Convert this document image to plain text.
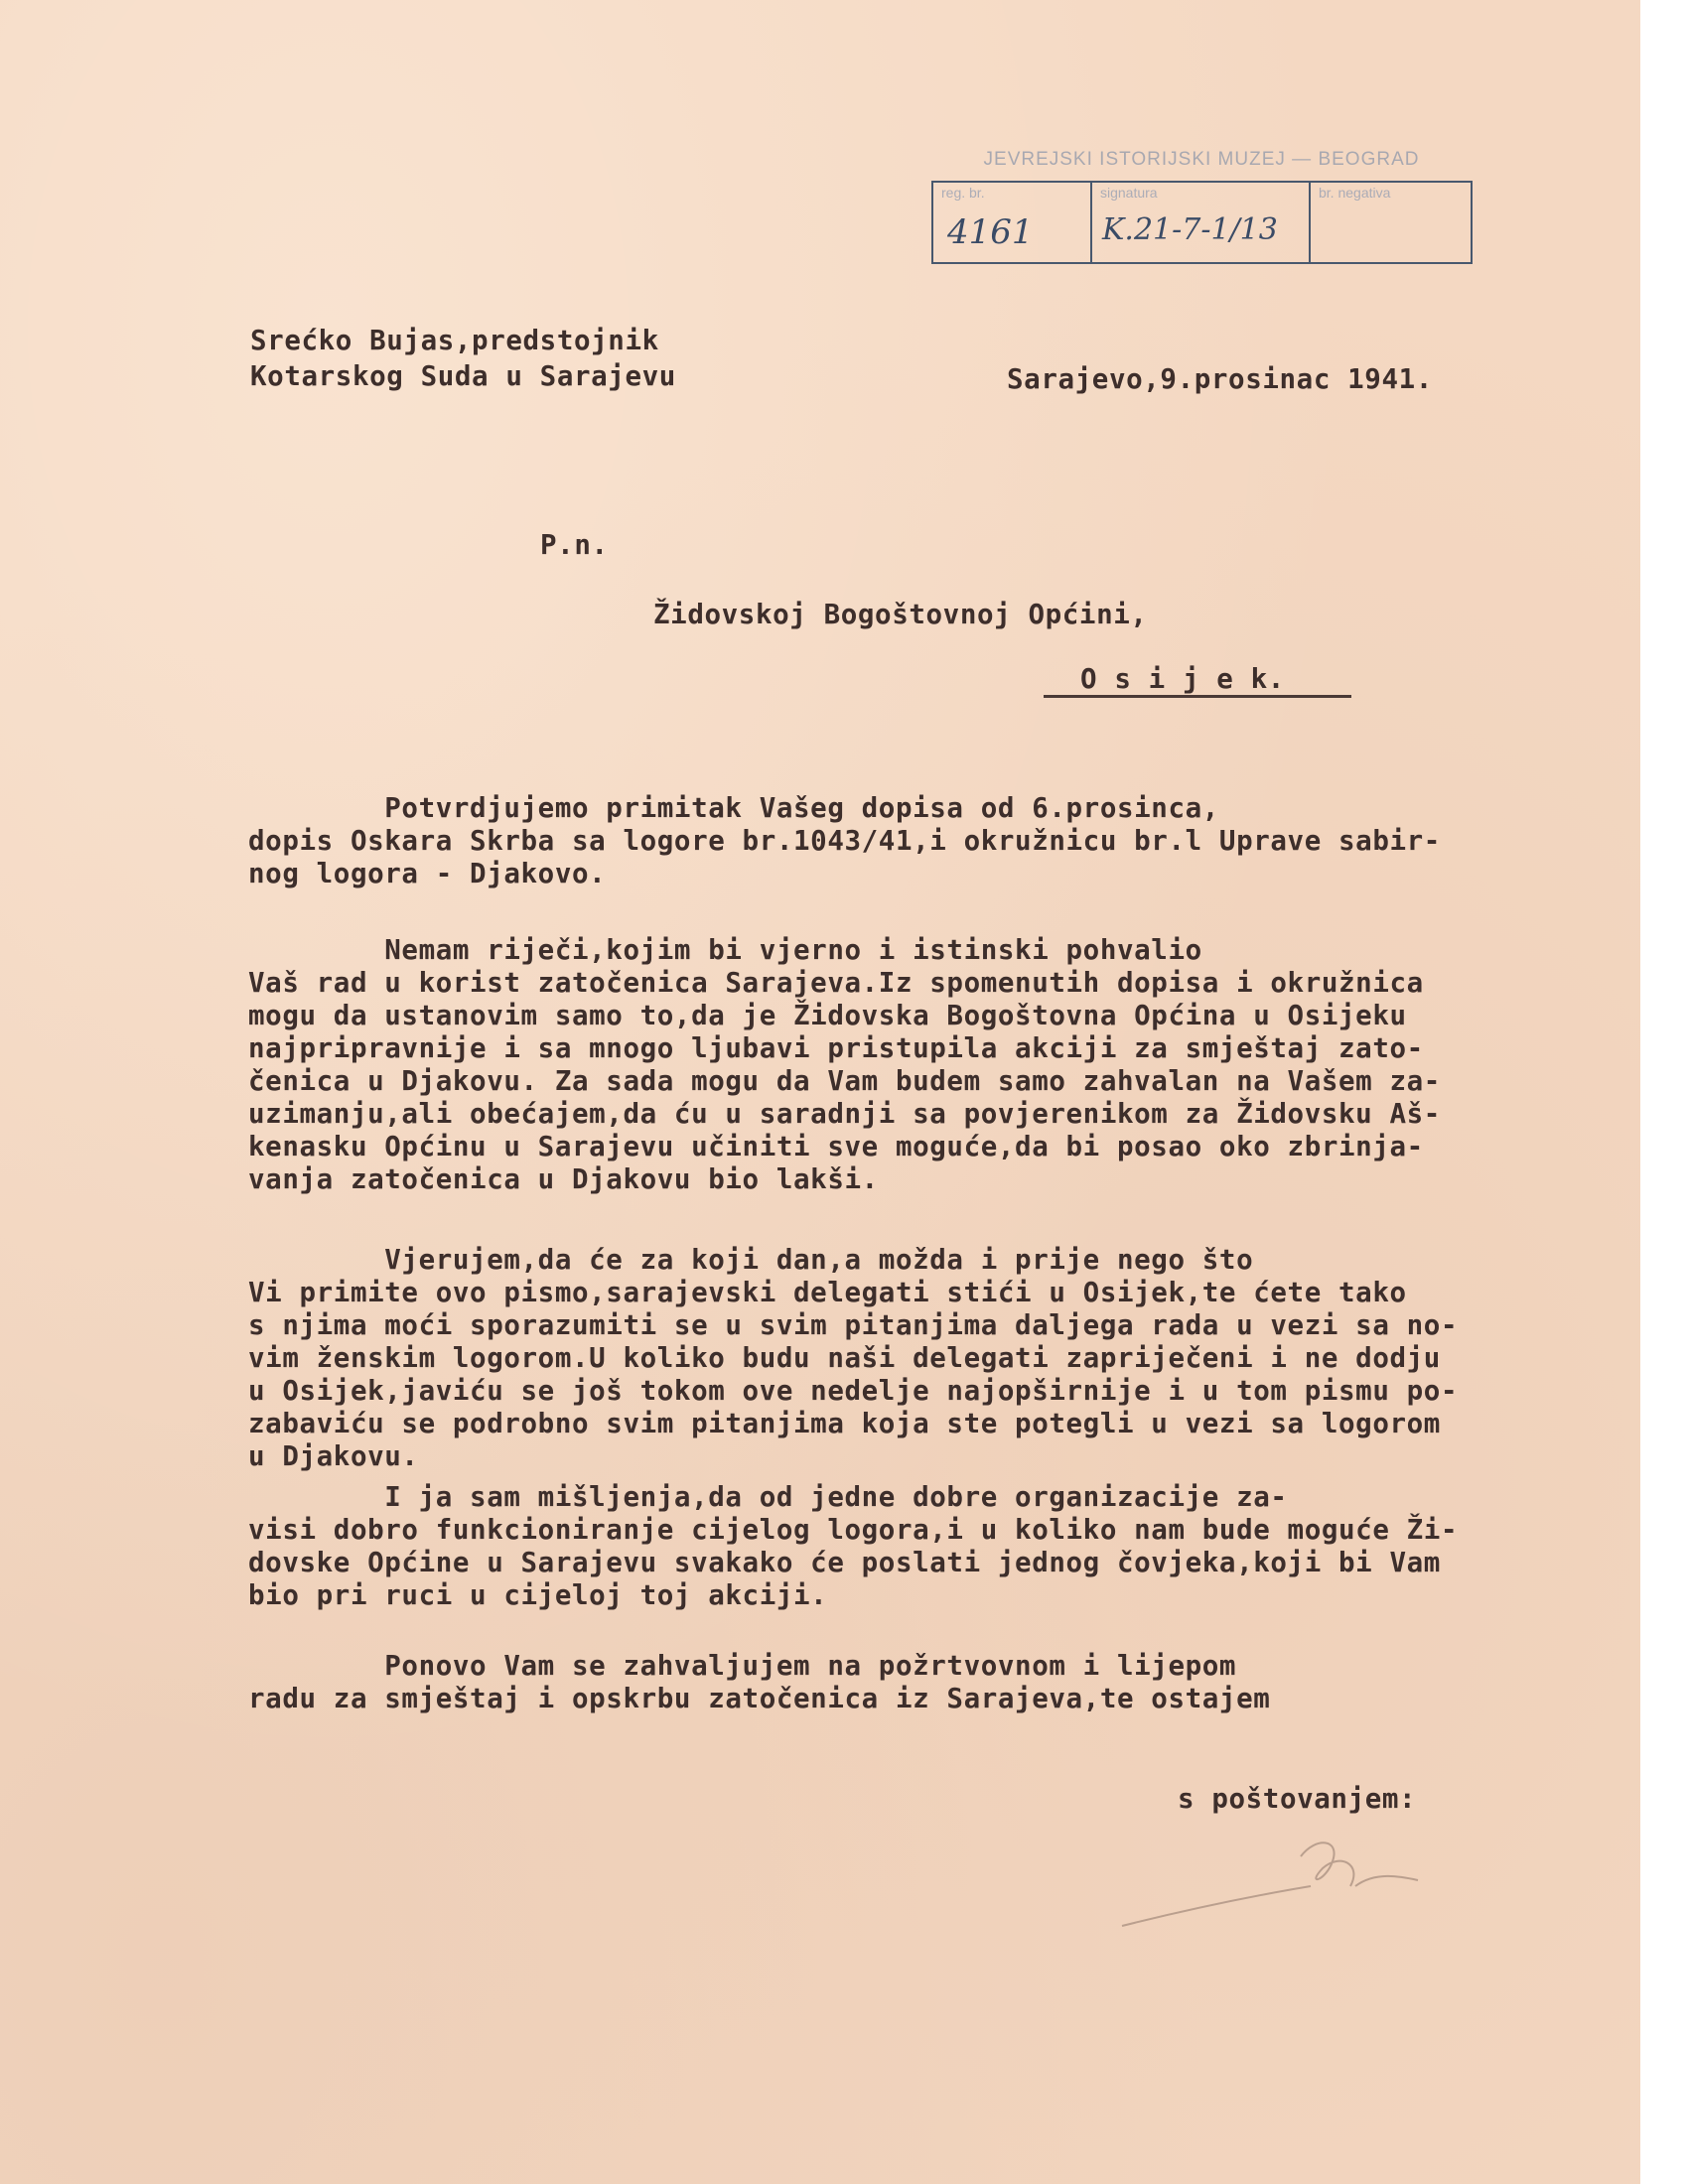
JEVREJSKI ISTORIJSKI MUZEJ — BEOGRAD
reg. br.
4161
signatura
K.21-7-1/13
br. negativa
Srećko Bujas,predstojnik
Kotarskog Suda u Sarajevu	Sarajevo,9.prosinac 1941.
P.n.
Židovskoj Bogoštovnoj Općini,
O s i j e k.
Potvrdjujemo primitak Vašeg dopisa od 6.prosinca,
dopis Oskara Skrba sa logore br.1043/41,i okružnicu br.l Uprave sabir-
nog logora - Djakovo.
Nemam riječi,kojim bi vjerno i istinski pohvalio
Vaš rad u korist zatočenica Sarajeva.Iz spomenutih dopisa i okružnica
mogu da ustanovim samo to,da je Židovska Bogoštovna Općina u Osijeku
najpripravnije i sa mnogo ljubavi pristupila akciji za smještaj zato-
čenica u Djakovu. Za sada mogu da Vam budem samo zahvalan na Vašem za-
uzimanju,ali obećajem,da ću u saradnji sa povjerenikom za Židovsku Aš-
kenasku Općinu u Sarajevu učiniti sve moguće,da bi posao oko zbrinja-
vanja zatočenica u Djakovu bio lakši.
Vjerujem,da će za koji dan,a možda i prije nego što
Vi primite ovo pismo,sarajevski delegati stići u Osijek,te ćete tako
s njima moći sporazumiti se u svim pitanjima daljega rada u vezi sa no-
vim ženskim logorom.U koliko budu naši delegati zapriječeni i ne dodju
u Osijek,javiću se još tokom ove nedelje najopširnije i u tom pismu po-
zabaviću se podrobno svim pitanjima koja ste potegli u vezi sa logorom
u Djakovu.
I ja sam mišljenja,da od jedne dobre organizacije za-
visi dobro funkcioniranje cijelog logora,i u koliko nam bude moguće Ži-
dovske Općine u Sarajevu svakako će poslati jednog čovjeka,koji bi Vam
bio pri ruci u cijeloj toj akciji.
Ponovo Vam se zahvaljujem na požrtvovnom i lijepom
radu za smještaj i opskrbu zatočenica iz Sarajeva,te ostajem
s poštovanjem:
